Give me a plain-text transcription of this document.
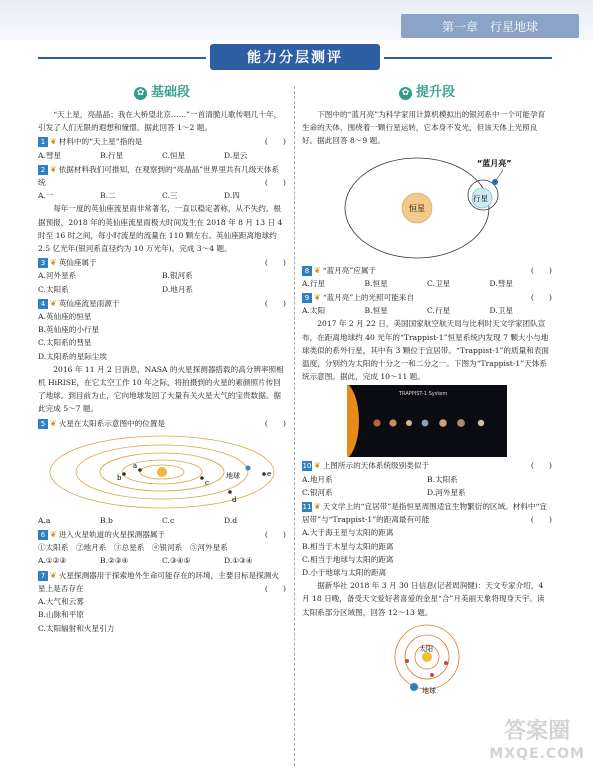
第一章　行星地球
能力分层测评
✿ 基础段

“天上星，亮晶晶；我在大桥望北京……”一首清脆儿歌传唱几十年，引发了人们无限的遐想和憧憬。据此回答 1～2 题。

1 ❦ 材料中的“天上星”指的是	(　　)
A.彗星	B.行星	C.恒星	D.星云
2 ❦ 依据材料我们可推知，在观察到的“亮晶晶”世界里共有几级天体系统	(　　)
A.一	B.二	C.三	D.四

每年一度的英仙座流星雨非常著名，一直以稳定著称，从不失约。根据预报，2018 年的英仙座流星雨极大时间发生在 2018 年 8 月 13 日 4 时至 16 时之间，每小时流星的流量在 110 颗左右。英仙座距离地球约 2.5 亿光年(银河系直径约为 10 万光年)。完成 3～4 题。

3 ❦ 英仙座属于	(　　)
A.河外星系	B.银河系
C.太阳系	D.地月系
4 ❦ 英仙座流星雨源于	(　　)
A.英仙座的恒星
B.英仙座的小行星
C.太阳系的彗星
D.太阳系的星际尘埃

2016 年 11 月 2 日消息，NASA 的火星探测器搭载的高分辨率照相机 HiRISE，在它太空工作 10 年之际，将拍摄到的火星的素颜照片传回了地球。到目前为止，它向地球发回了大量有关火星大气的宝贵数据。据此完成 5～7 题。

5 ❦ 火星在太阳系示意图中的位置是	(　　)
a
b
c
d
地球	e
A.a	B.b	C.c	D.d
6 ❦ 进入火星轨道的火星探测器属于	(　　)
①太阳系　②地月系　③总星系　④银河系　⑤河外星系
A.①②③	B.②③④	C.③④⑤	D.①③④
7 ❦ 火星探测器用于探索地外生命可能存在的环境，主要目标是探测火星上是否存在	(　　)
A.大气和云雾
B.山脉和平原
C.太阳辐射和火星引力
✿ 提升段

下图中的“蓝月亮”为科学家用计算机模拟出的银河系中一个可能孕育生命的天体，围绕着一颗行星运转，它本身不发光，但该天体上光照良好。据此回答 8～9 题。

恒星
行星
“蓝月亮”
8 ❦ “蓝月亮”应属于	(　　)
A.行星	B.恒星	C.卫星	D.彗星
9 ❦ “蓝月亮”上的光照可能来自	(　　)
A.太阳	B.恒星	C.行星	D.卫星

2017 年 2 月 22 日，美国国家航空航天局与比利时天文学家团队宣布，在距离地球约 40 光年的“Trappist-1”恒星系统内发现 7 颗大小与地球类似的系外行星，其中有 3 颗位于宜居带。“Trappist-1”的质量和表面温度，分别约为太阳的十分之一和二分之一。下图为“Trappist-1”天体系统示意图。据此，完成 10～11 题。

TRAPPIST-1 System
10 ❦ 上图所示的天体系统级别类似于	(　　)
A.地月系	B.太阳系
C.银河系	D.河外星系
11 ❦ 天文学上的“宜居带”是指恒星周围适宜生物繁衍的区域。材料中“宜居带”与“Trappist-1”的距离最有可能	(　　)
A.大于海王星与太阳的距离
B.相当于木星与太阳的距离
C.相当于地球与太阳的距离
D.小于地球与太阳的距离

据新华社 2018 年 3 月 30 日信息(记者周润健)：天文专家介绍，4 月 18 日晚，备受天文爱好者喜爱的金星“合”月美丽天象将现身天宇。读太阳系部分区域图，回答 12～13 题。

太阳
地球
答案圈
MXQE.COM
